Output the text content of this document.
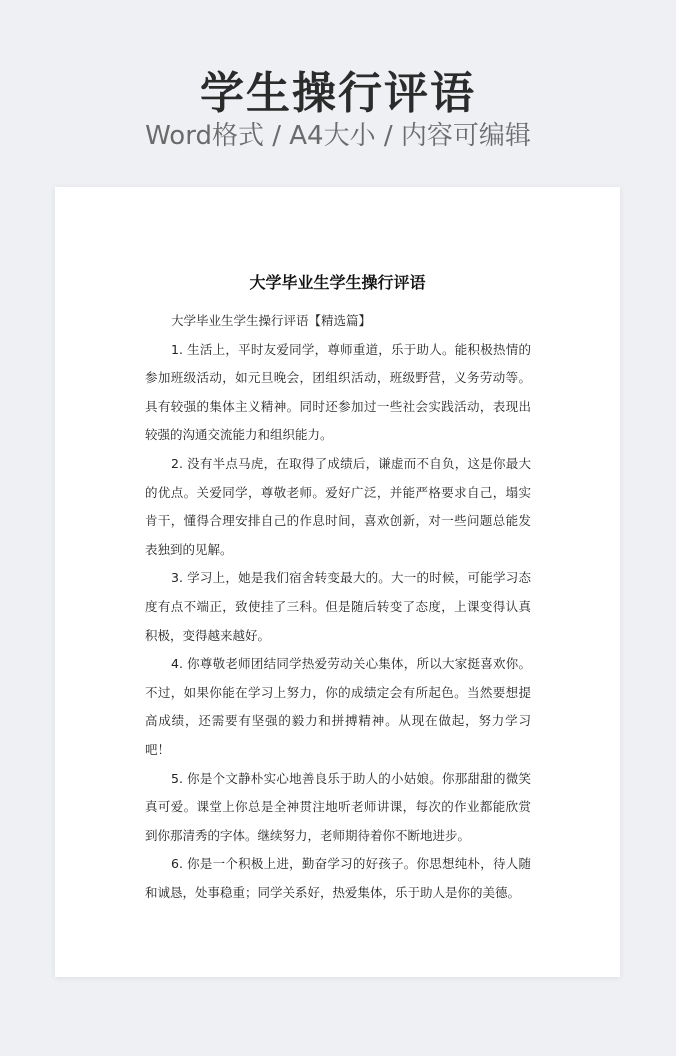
学生操行评语
Word格式 / A4大小 / 内容可编辑
大学毕业生学生操行评语

大学毕业生学生操行评语【精选篇】

1. 生活上，平时友爱同学，尊师重道，乐于助人。能积极热情的参加班级活动，如元旦晚会，团组织活动，班级野营，义务劳动等。具有较强的集体主义精神。同时还参加过一些社会实践活动，表现出较强的沟通交流能力和组织能力。

2. 没有半点马虎，在取得了成绩后，谦虚而不自负，这是你最大的优点。关爱同学，尊敬老师。爱好广泛，并能严格要求自己，塌实肯干，懂得合理安排自己的作息时间，喜欢创新，对一些问题总能发表独到的见解。

3. 学习上，她是我们宿舍转变最大的。大一的时候，可能学习态度有点不端正，致使挂了三科。但是随后转变了态度，上课变得认真积极，变得越来越好。

4. 你尊敬老师团结同学热爱劳动关心集体，所以大家挺喜欢你。不过，如果你能在学习上努力，你的成绩定会有所起色。当然要想提高成绩，还需要有坚强的毅力和拼搏精神。从现在做起，努力学习吧！

5. 你是个文静朴实心地善良乐于助人的小姑娘。你那甜甜的微笑真可爱。课堂上你总是全神贯注地听老师讲课，每次的作业都能欣赏到你那清秀的字体。继续努力，老师期待着你不断地进步。

6. 你是一个积极上进，勤奋学习的好孩子。你思想纯朴，待人随和诚恳，处事稳重；同学关系好，热爱集体，乐于助人是你的美德。
